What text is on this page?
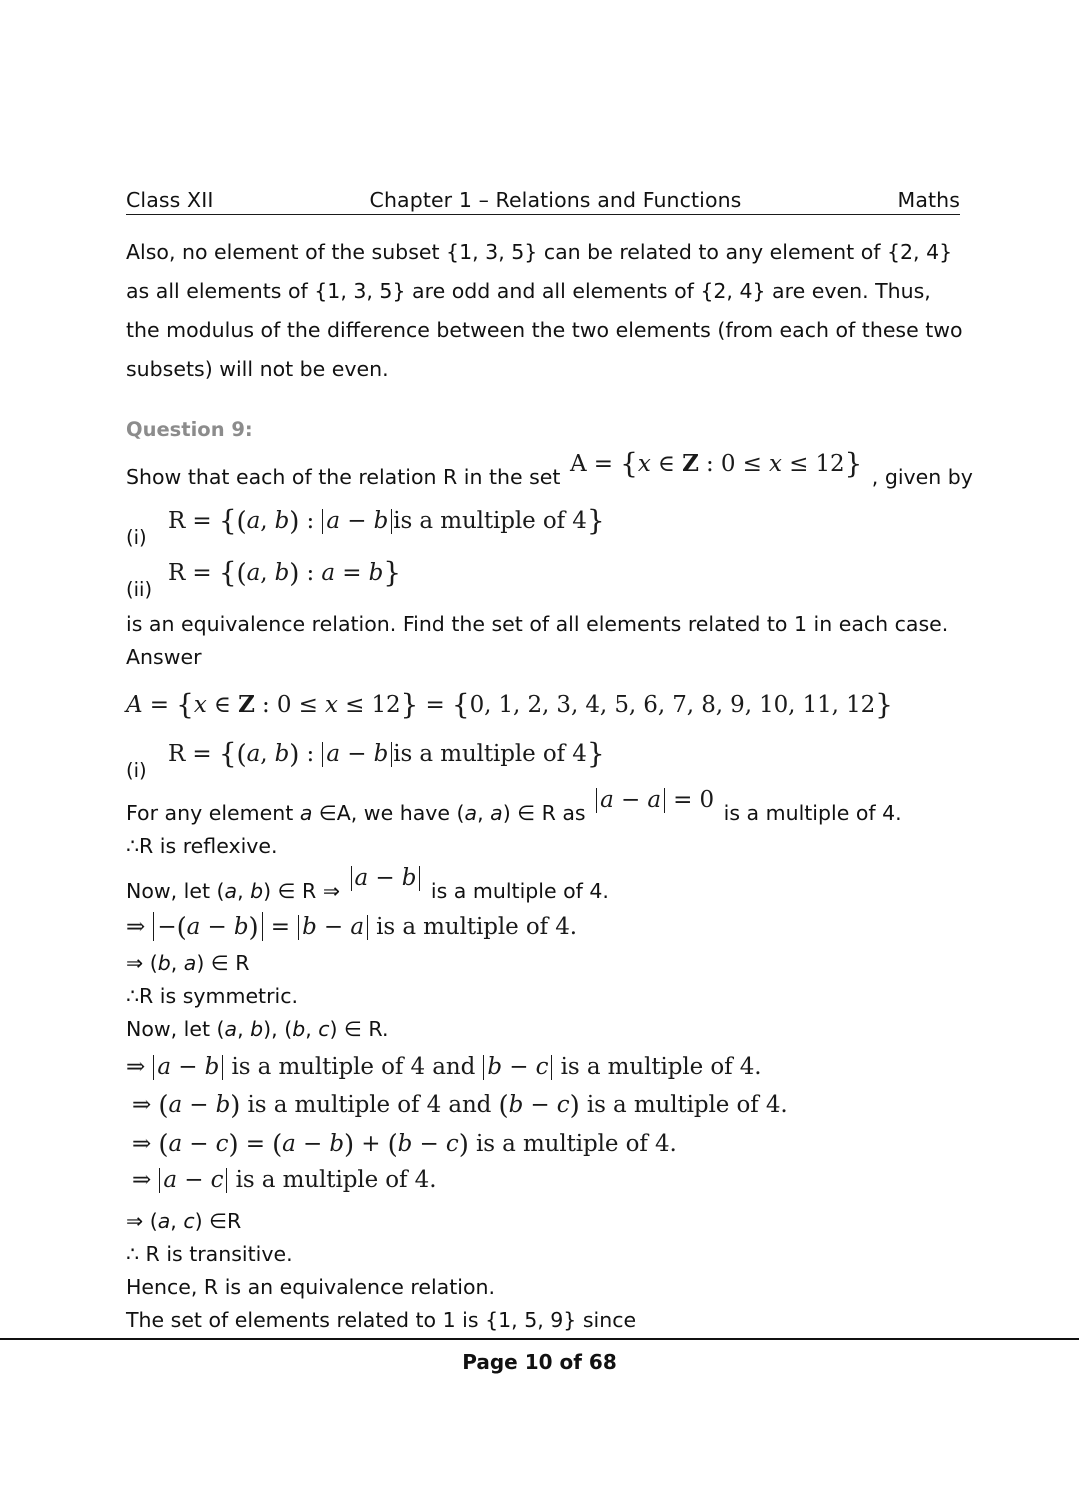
Class XII	Chapter 1 – Relations and Functions	Maths

Also, no element of the subset {1, 3, 5} can be related to any element of {2, 4} as all elements of {1, 3, 5} are odd and all elements of {2, 4} are even. Thus, the modulus of the difference between the two elements (from each of these two subsets) will not be even.

Question 9:

Show that each of the relation R in the set A = {x ∈ Z : 0 ≤ x ≤ 12} , given by
(i)
R = {(a, b) : a − b is a multiple of 4}
(ii)
R = {(a, b) : a = b}

is an equivalence relation. Find the set of all elements related to 1 in each case.

Answer

A = {x ∈ Z : 0 ≤ x ≤ 12} = {0, 1, 2, 3, 4, 5, 6, 7, 8, 9, 10, 11, 12}
(i)
R = {(a, b) : a − b is a multiple of 4}
For any element a ∈A, we have (a, a) ∈ R as a − a = 0 is a multiple of 4.

∴R is reflexive.

Now, let (a, b) ∈ R ⇒ a − b is a multiple of 4.
⇒ −(a − b) = b − a is a multiple of 4.

⇒ (b, a) ∈ R

∴R is symmetric.

Now, let (a, b), (b, c) ∈ R.

⇒ a − b is a multiple of 4 and b − c is a multiple of 4.
⇒ (a − b) is a multiple of 4 and (b − c) is a multiple of 4.
⇒ (a − c) = (a − b) + (b − c) is a multiple of 4.
⇒ a − c is a multiple of 4.

⇒ (a, c) ∈R

∴ R is transitive.

Hence, R is an equivalence relation.

The set of elements related to 1 is {1, 5, 9} since

Page 10 of 68
